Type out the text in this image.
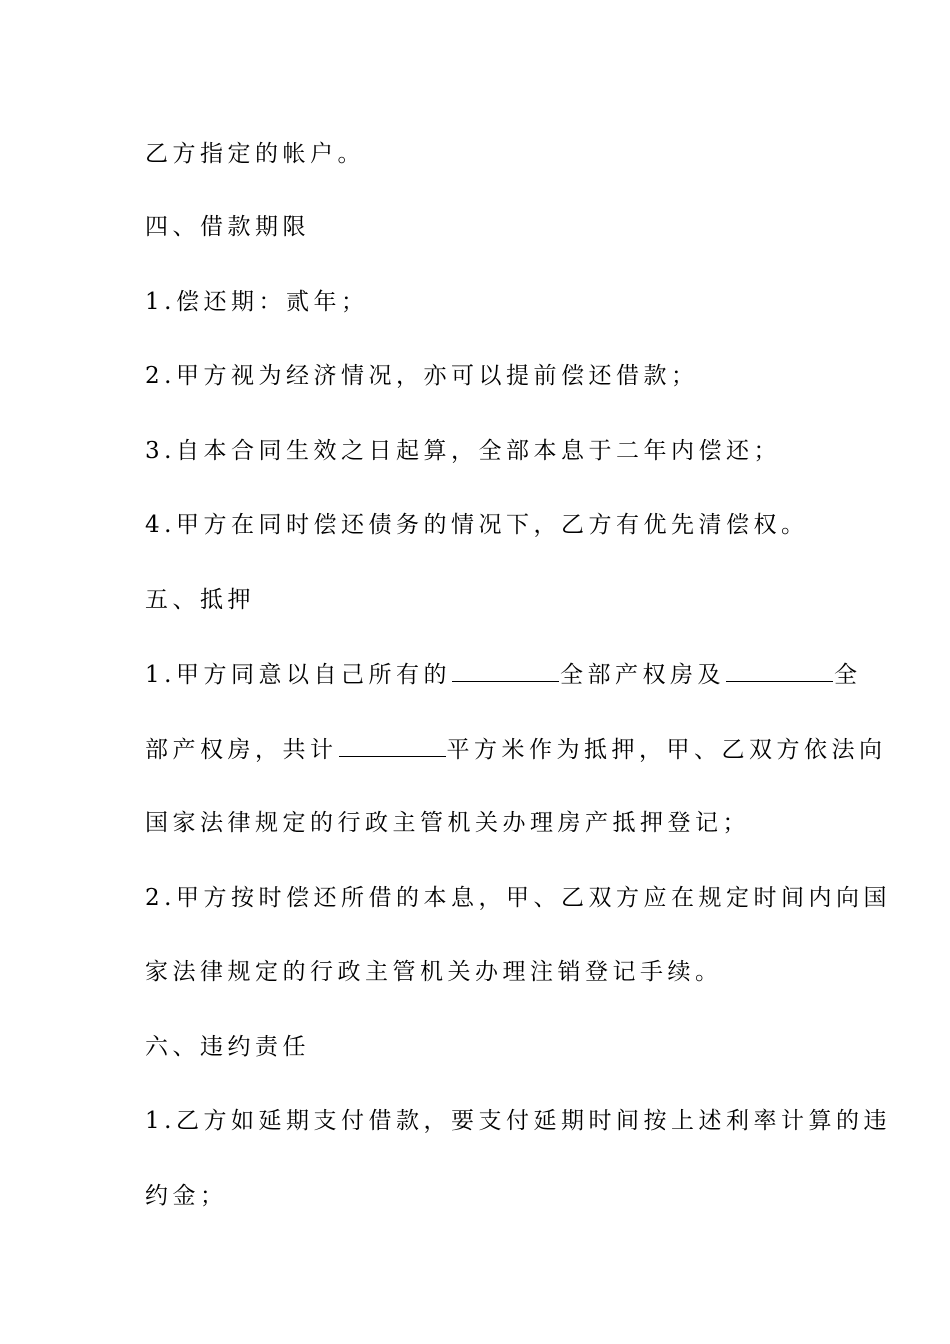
乙方指定的帐户。
四、借款期限
1.偿还期：贰年；
2.甲方视为经济情况，亦可以提前偿还借款；
3.自本合同生效之日起算，全部本息于二年内偿还；
4.甲方在同时偿还债务的情况下，乙方有优先清偿权。
五、抵押
1.甲方同意以自己所有的	全部产权房及	全
部产权房，共计	平方米作为抵押，甲、乙双方依法向
国家法律规定的行政主管机关办理房产抵押登记；
2.甲方按时偿还所借的本息，甲、乙双方应在规定时间内向国
家法律规定的行政主管机关办理注销登记手续。
六、违约责任
1.乙方如延期支付借款，要支付延期时间按上述利率计算的违
约金；
